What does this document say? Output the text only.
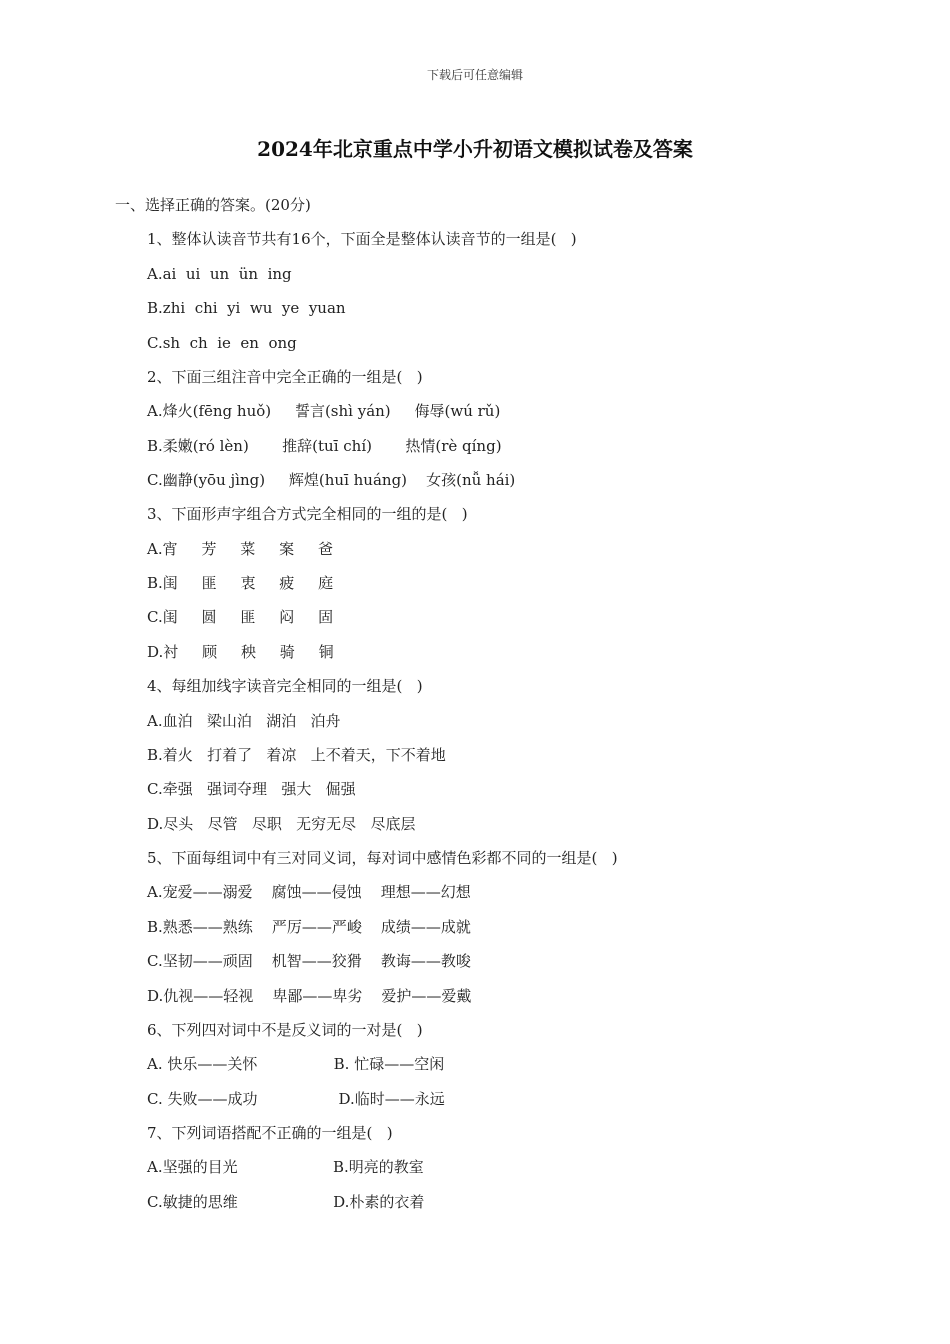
下载后可任意编辑
2024年北京重点中学小升初语文模拟试卷及答案
一、选择正确的答案。(20分)
1、整体认读音节共有16个，下面全是整体认读音节的一组是(   )
A.ai  ui  un  ün  ing
B.zhi  chi  yi  wu  ye  yuan
C.sh  ch  ie  en  ong
2、下面三组注音中完全正确的一组是(   )
A.烽火(fēng huǒ)     誓言(shì yán)     侮辱(wú rǔ)
B.柔嫩(ró lèn)       推辞(tuī chí)       热情(rè qíng)
C.幽静(yōu jìng)     辉煌(huī huáng)    女孩(nǚ hái)
3、下面形声字组合方式完全相同的一组的是(   )
A.宵     芳     菜     案     爸
B.闺     匪     衷     疲     庭
C.闺     圆     匪     闷     固
D.衬     顾     秧     骑     铜
4、每组加线字读音完全相同的一组是(   )
A.血泊   梁山泊   湖泊   泊舟
B.着火   打着了   着凉   上不着天，下不着地
C.牵强   强词夺理   强大   倔强
D.尽头   尽管   尽职   无穷无尽   尽底层
5、下面每组词中有三对同义词，每对词中感情色彩都不同的一组是(   )
A.宠爱——溺爱    腐蚀——侵蚀    理想——幻想
B.熟悉——熟练    严厉——严峻    成绩——成就
C.坚韧——顽固    机智——狡猾    教诲——教唆
D.仇视——轻视    卑鄙——卑劣    爱护——爱戴
6、下列四对词中不是反义词的一对是(   )
A. 快乐——关怀                B. 忙碌——空闲
C. 失败——成功                 D.临时——永远
7、下列词语搭配不正确的一组是(   )
A.坚强的目光                    B.明亮的教室
C.敏捷的思维                    D.朴素的衣着
